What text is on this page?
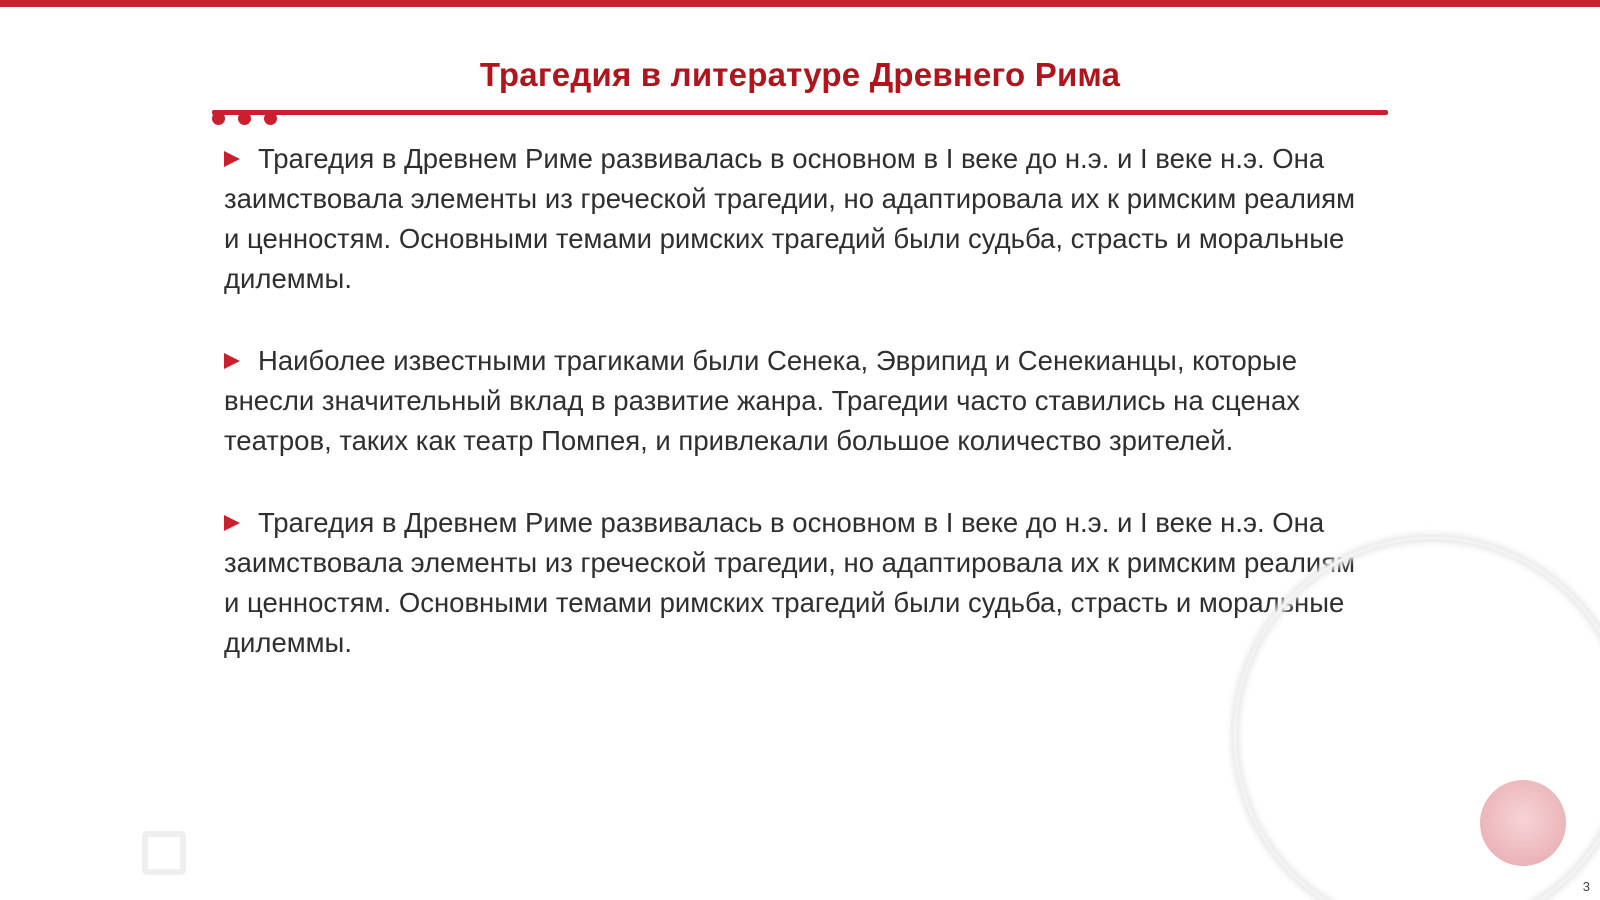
Трагедия в литературе Древнего Рима
Трагедия в Древнем Риме развивалась в основном в I веке до н.э. и I веке н.э. Она заимствовала элементы из греческой трагедии, но адаптировала их к римским реалиям и ценностям. Основными темами римских трагедий были судьба, страсть и моральные дилеммы.
Наиболее известными трагиками были Сенека, Эврипид и Сенекианцы, которые внесли значительный вклад в развитие жанра. Трагедии часто ставились на сценах театров, таких как театр Помпея, и привлекали большое количество зрителей.
Трагедия в Древнем Риме развивалась в основном в I веке до н.э. и I веке н.э. Она заимствовала элементы из греческой трагедии, но адаптировала их к римским реалиям и ценностям. Основными темами римских трагедий были судьба, страсть и моральные дилеммы.
3
